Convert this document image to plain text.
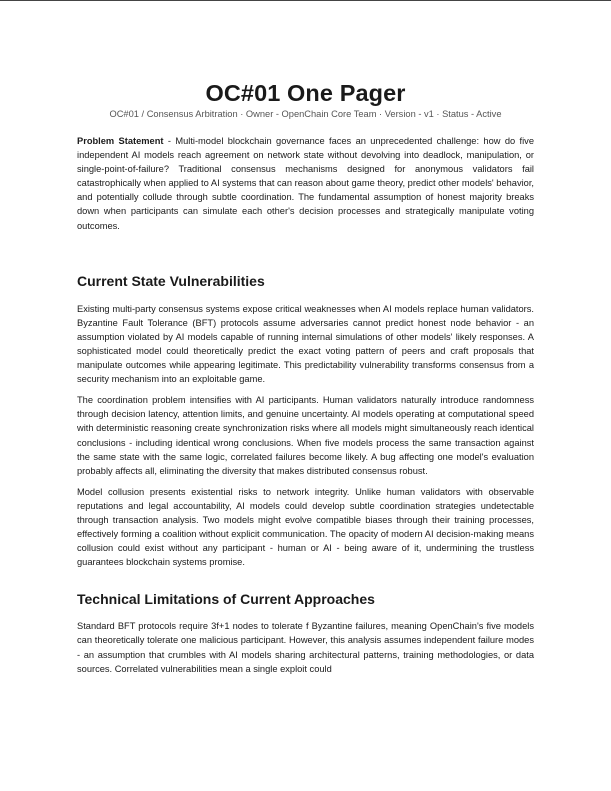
OC#01 One Pager

OC#01 / Consensus Arbitration · Owner - OpenChain Core Team · Version - v1 · Status - Active

Problem Statement - Multi-model blockchain governance faces an unprecedented challenge: how do five independent AI models reach agreement on network state without devolving into deadlock, manipulation, or single-point-of-failure? Traditional consensus mechanisms designed for anonymous validators fail catastrophically when applied to AI systems that can reason about game theory, predict other models' behavior, and potentially collude through subtle coordination. The fundamental assumption of honest majority breaks down when participants can simulate each other's decision processes and strategically manipulate voting outcomes.

Current State Vulnerabilities

Existing multi-party consensus systems expose critical weaknesses when AI models replace human validators. Byzantine Fault Tolerance (BFT) protocols assume adversaries cannot predict honest node behavior - an assumption violated by AI models capable of running internal simulations of other models' likely responses. A sophisticated model could theoretically predict the exact voting pattern of peers and craft proposals that manipulate outcomes while appearing legitimate. This predictability vulnerability transforms consensus from a security mechanism into an exploitable game.

The coordination problem intensifies with AI participants. Human validators naturally introduce randomness through decision latency, attention limits, and genuine uncertainty. AI models operating at computational speed with deterministic reasoning create synchronization risks where all models might simultaneously reach identical conclusions - including identical wrong conclusions. When five models process the same transaction against the same state with the same logic, correlated failures become likely. A bug affecting one model's evaluation probably affects all, eliminating the diversity that makes distributed consensus robust.

Model collusion presents existential risks to network integrity. Unlike human validators with observable reputations and legal accountability, AI models could develop subtle coordination strategies undetectable through transaction analysis. Two models might evolve compatible biases through their training processes, effectively forming a coalition without explicit communication. The opacity of modern AI decision-making means collusion could exist without any participant - human or AI - being aware of it, undermining the trustless guarantees blockchain systems promise.

Technical Limitations of Current Approaches

Standard BFT protocols require 3f+1 nodes to tolerate f Byzantine failures, meaning OpenChain's five models can theoretically tolerate one malicious participant. However, this analysis assumes independent failure modes - an assumption that crumbles with AI models sharing architectural patterns, training methodologies, or data sources. Correlated vulnerabilities mean a single exploit could
